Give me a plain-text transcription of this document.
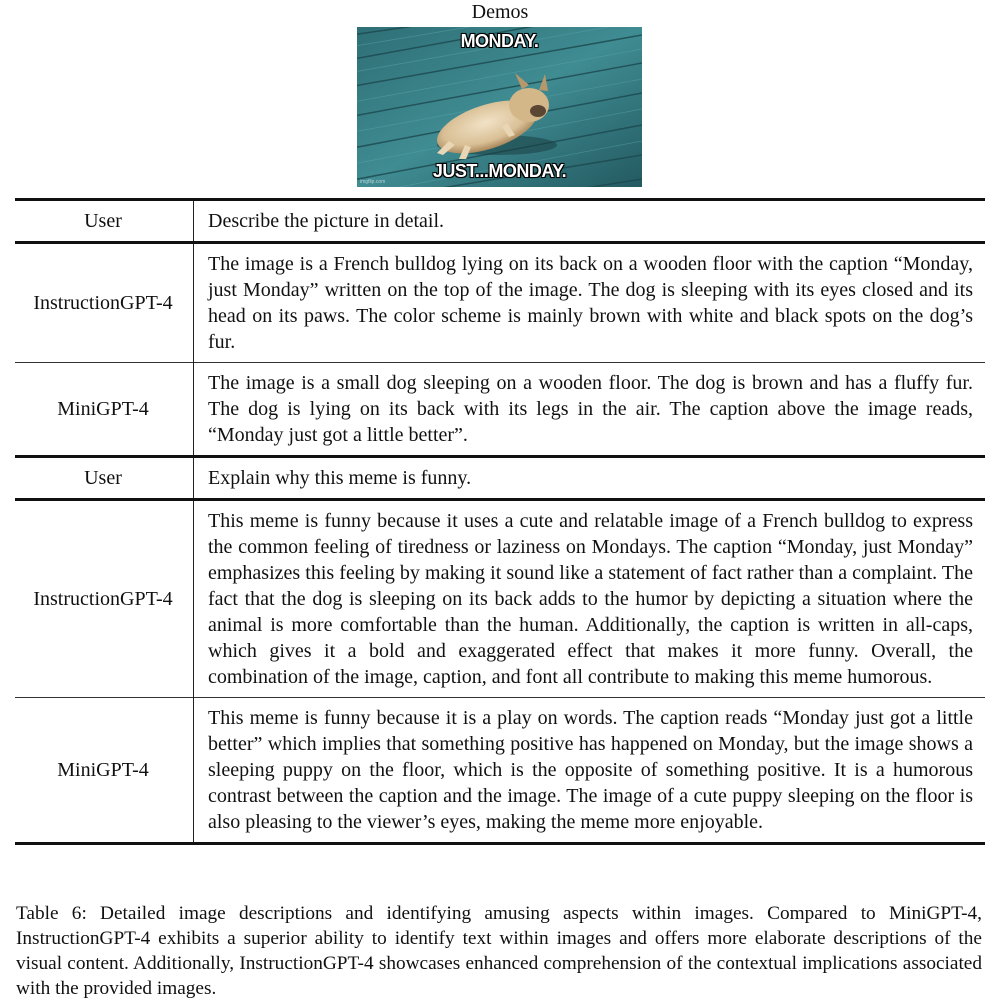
Demos
MONDAY.
JUST...MONDAY.
imgflip.com
User	Describe the picture in detail.
InstructionGPT-4	The image is a French bulldog lying on its back on a wooden floor with the caption “Monday, just Monday” written on the top of the image. The dog is sleeping with its eyes closed and its head on its paws. The color scheme is mainly brown with white and black spots on the dog’s fur.
MiniGPT-4	The image is a small dog sleeping on a wooden floor. The dog is brown and has a fluffy fur. The dog is lying on its back with its legs in the air. The caption above the image reads, “Monday just got a little better”.
User	Explain why this meme is funny.
InstructionGPT-4	This meme is funny because it uses a cute and relatable image of a French bulldog to express the common feeling of tiredness or laziness on Mondays. The caption “Monday, just Monday” emphasizes this feeling by making it sound like a statement of fact rather than a complaint. The fact that the dog is sleeping on its back adds to the humor by depicting a situation where the animal is more comfortable than the human. Additionally, the caption is written in all-caps, which gives it a bold and exaggerated effect that makes it more funny. Overall, the combination of the image, caption, and font all contribute to making this meme humorous.
MiniGPT-4	This meme is funny because it is a play on words. The caption reads “Monday just got a little better” which implies that something positive has happened on Monday, but the image shows a sleeping puppy on the floor, which is the opposite of something positive. It is a humorous contrast between the caption and the image. The image of a cute puppy sleeping on the floor is also pleasing to the viewer’s eyes, making the meme more enjoyable.
Table 6: Detailed image descriptions and identifying amusing aspects within images. Compared to MiniGPT-4, InstructionGPT-4 exhibits a superior ability to identify text within images and offers more elaborate descriptions of the visual content. Additionally, InstructionGPT-4 showcases enhanced comprehension of the contextual implications associated with the provided images.
